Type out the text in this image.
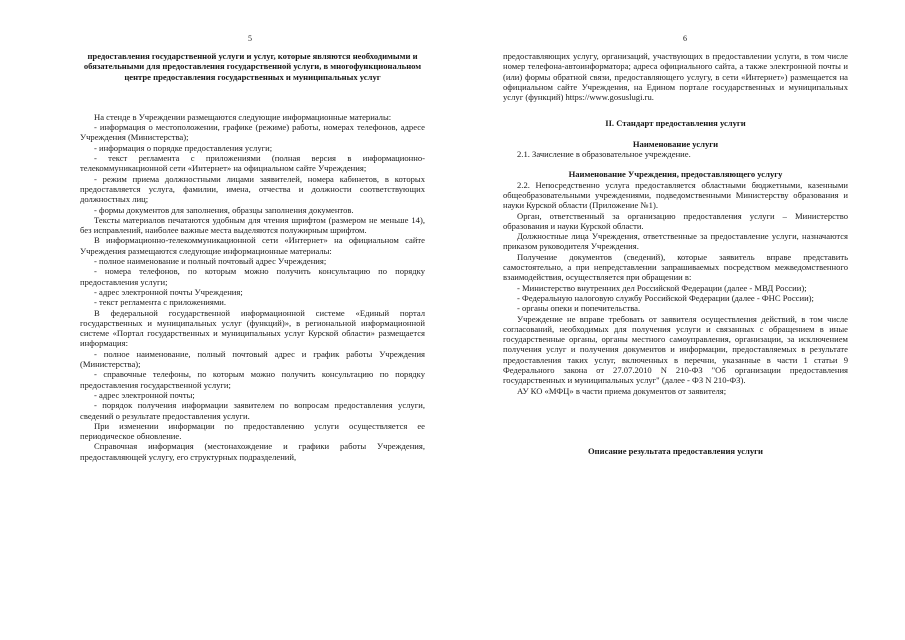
5

предоставления государственной услуги и услуг, которые являются необходимыми и обязательными для предоставления государственной услуги, в многофункциональном центре предоставления государственных и муниципальных услуг

На стенде в Учреждении размещаются следующие информационные материалы:

- информация о местоположении, графике (режиме) работы, номерах телефонов, адресе Учреждения (Министерства);

- информация о порядке предоставления услуги;

- текст регламента с приложениями (полная версия в информационно-телекоммуникационной сети «Интернет» на официальном сайте Учреждения;

- режим приема должностными лицами заявителей, номера кабинетов, в которых предоставляется услуга, фамилии, имена, отчества и должности соответствующих должностных лиц;

- формы документов для заполнения, образцы заполнения документов.

Тексты материалов печатаются удобным для чтения шрифтом (размером не меньше 14), без исправлений, наиболее важные места выделяются полужирным шрифтом.

В информационно-телекоммуникационной сети «Интернет» на официальном сайте Учреждения размещаются следующие информационные материалы:

- полное наименование и полный почтовый адрес Учреждения;

- номера телефонов, по которым можно получить консультацию по порядку предоставления услуги;

- адрес электронной почты Учреждения;

- текст регламента с приложениями.

В федеральной государственной информационной системе «Единый портал государственных и муниципальных услуг (функций)», в региональной информационной системе «Портал государственных и муниципальных услуг Курской области» размещается информация:

- полное наименование, полный почтовый адрес и график работы Учреждения (Министерства);

- справочные телефоны, по которым можно получить консультацию по порядку предоставления государственной услуги;

- адрес электронной почты;

- порядок получения информации заявителем по вопросам предоставления услуги, сведений о результате предоставления услуги.

При изменении информации по предоставлению услуги осуществляется ее периодическое обновление.

Справочная информация (местонахождение и графики работы Учреждения, предоставляющей услугу, его структурных подразделений,

6

предоставляющих услугу, организаций, участвующих в предоставлении услуги, в том числе номер телефона-автоинформатора; адреса официального сайта, а также электронной почты и (или) формы обратной связи, предоставляющего услугу, в сети «Интернет») размещается на официальном сайте Учреждения, на Едином портале государственных и муниципальных услуг (функций) https://www.gosuslugi.ru.

II. Стандарт предоставления услуги

Наименование услуги

2.1. Зачисление в образовательное учреждение.

Наименование Учреждения, предоставляющего услугу

2.2. Непосредственно услуга предоставляется областными бюджетными, казенными общеобразовательными учреждениями, подведомственными Министерству образования и науки Курской области (Приложение №1).

Орган, ответственный за организацию предоставления услуги – Министерство образования и науки Курской области.

Должностные лица Учреждения, ответственные за предоставление услуги, назначаются приказом руководителя Учреждения.

Получение документов (сведений), которые заявитель вправе представить самостоятельно, а при непредставлении запрашиваемых посредством межведомственного взаимодействия, осуществляется при обращении в:

- Министерство внутренних дел Российской Федерации (далее - МВД России);

- Федеральную налоговую службу Российской Федерации (далее - ФНС России);

- органы опеки и попечительства.

Учреждение не вправе требовать от заявителя осуществления действий, в том числе согласований, необходимых для получения услуги и связанных с обращением в иные государственные органы, органы местного самоуправления, организации, за исключением получения услуг и получения документов и информации, предоставляемых в результате предоставления таких услуг, включенных в перечни, указанные в части 1 статьи 9 Федерального закона от 27.07.2010 N 210-ФЗ "Об организации предоставления государственных и муниципальных услуг" (далее - ФЗ N 210-ФЗ).

АУ КО «МФЦ» в части приема документов от заявителя;

Описание результата предоставления услуги
